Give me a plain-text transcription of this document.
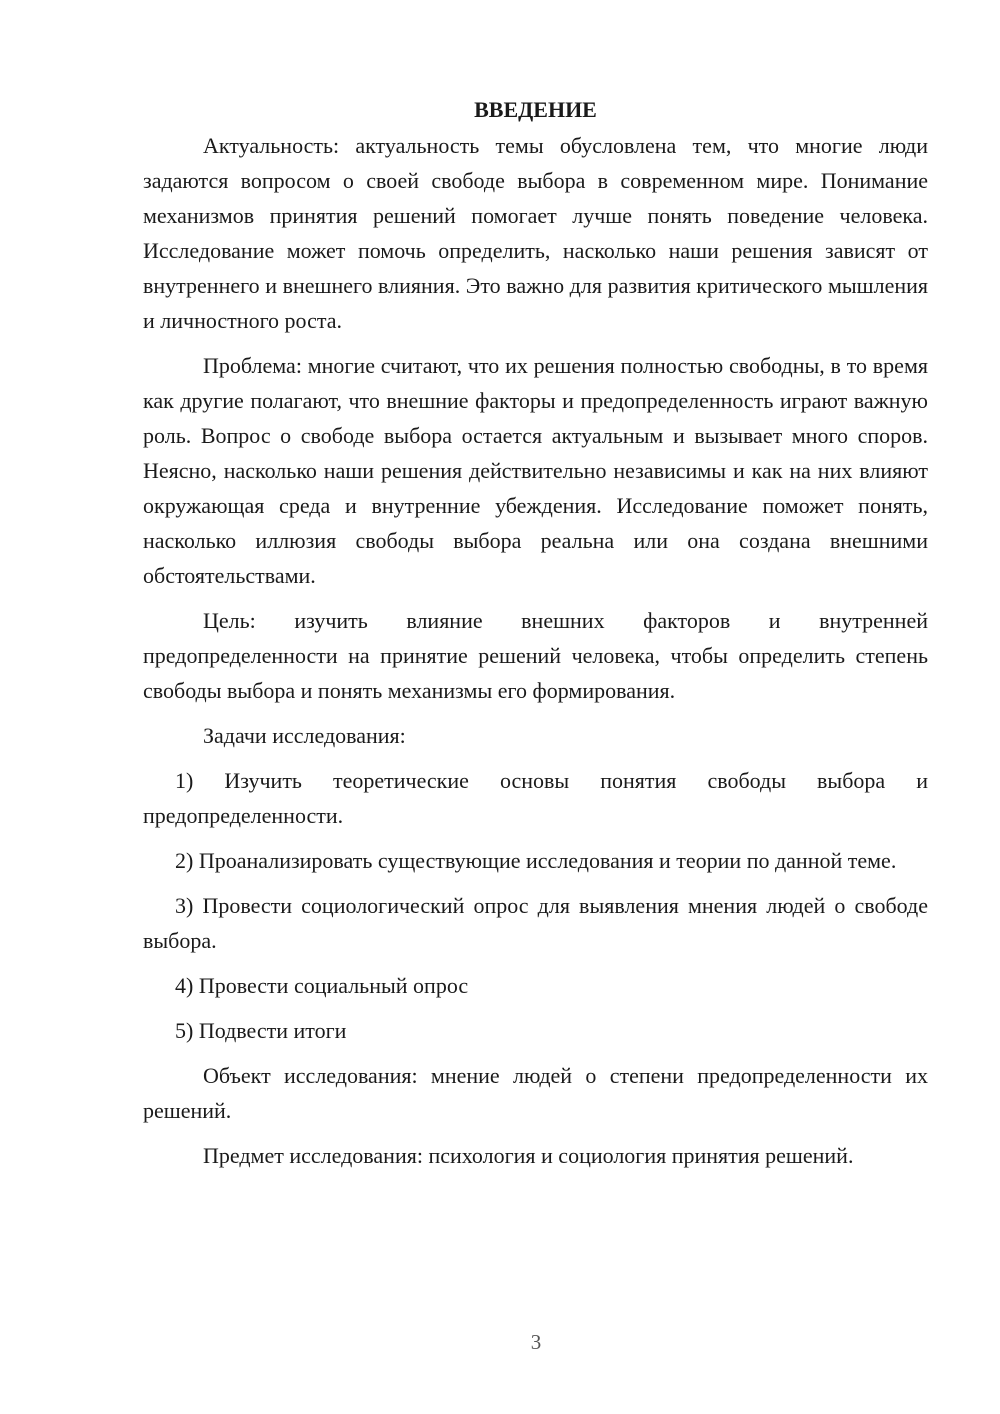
ВВЕДЕНИЕ

Актуальность: актуальность темы обусловлена тем, что многие люди задаются вопросом о своей свободе выбора в современном мире. Понимание механизмов принятия решений помогает лучше понять поведение человека. Исследование может помочь определить, насколько наши решения зависят от внутреннего и внешнего влияния. Это важно для развития критического мышления и личностного роста.

Проблема: многие считают, что их решения полностью свободны, в то время как другие полагают, что внешние факторы и предопределенность играют важную роль. Вопрос о свободе выбора остается актуальным и вызывает много споров. Неясно, насколько наши решения действительно независимы и как на них влияют окружающая среда и внутренние убеждения. Исследование поможет понять, насколько иллюзия свободы выбора реальна или она создана внешними обстоятельствами.

Цель: изучить влияние внешних факторов и внутренней предопределенности на принятие решений человека, чтобы определить степень свободы выбора и понять механизмы его формирования.

Задачи исследования:

1) Изучить теоретические основы понятия свободы выбора и предопределенности.

2) Проанализировать существующие исследования и теории по данной теме.

3) Провести социологический опрос для выявления мнения людей о свободе выбора.

4) Провести социальный опрос

5) Подвести итоги

Объект исследования: мнение людей о степени предопределенности их решений.

Предмет исследования: психология и социология принятия решений.

3
